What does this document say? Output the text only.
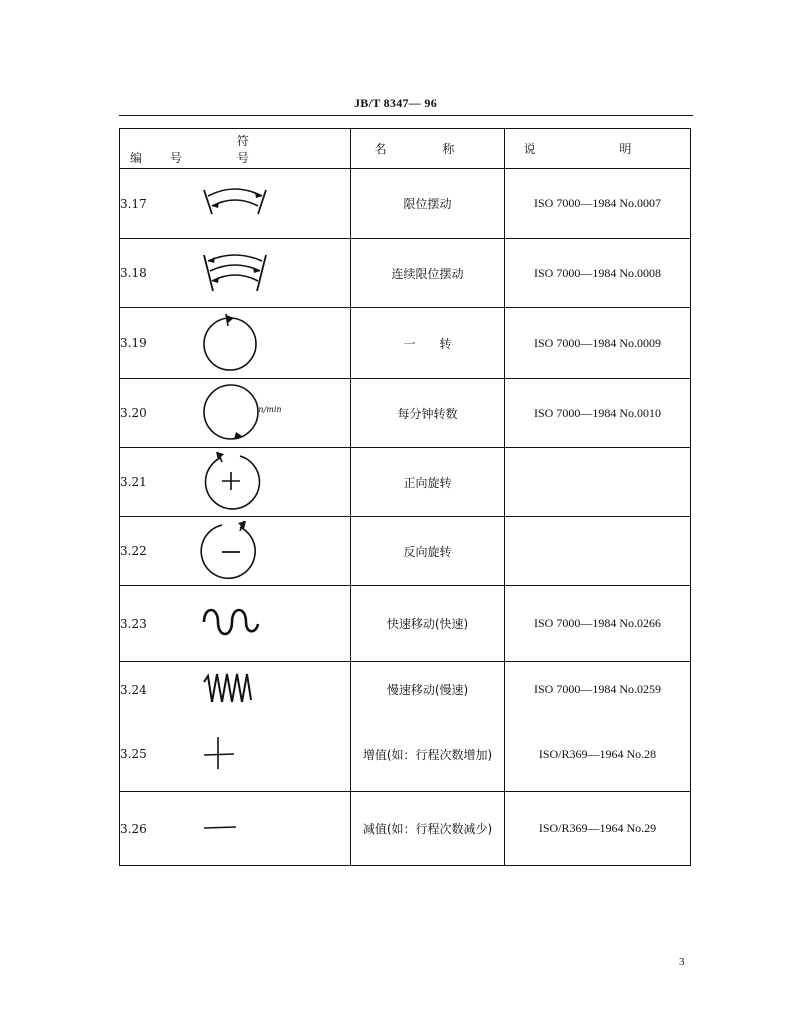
JB/T 8347— 96
编 号 符 号	名 称	说 明

3.17	限位摆动	ISO 7000—1984 No.0007

3.18	连续限位摆动	ISO 7000—1984 No.0008

3.19	一　　转	ISO 7000—1984 No.0009

3.20 n/min	每分钟转数	ISO 7000—1984 No.0010

3.21	正向旋转	

3.22	反向旋转	

3.23	快速移动(快速)	ISO 7000—1984 No.0266

3.24	慢速移动(慢速)	ISO 7000—1984 No.0259

3.25	增值(如：行程次数增加)	ISO/R369—1964 No.28

3.26	减值(如：行程次数减少)	ISO/R369—1964 No.29
3
